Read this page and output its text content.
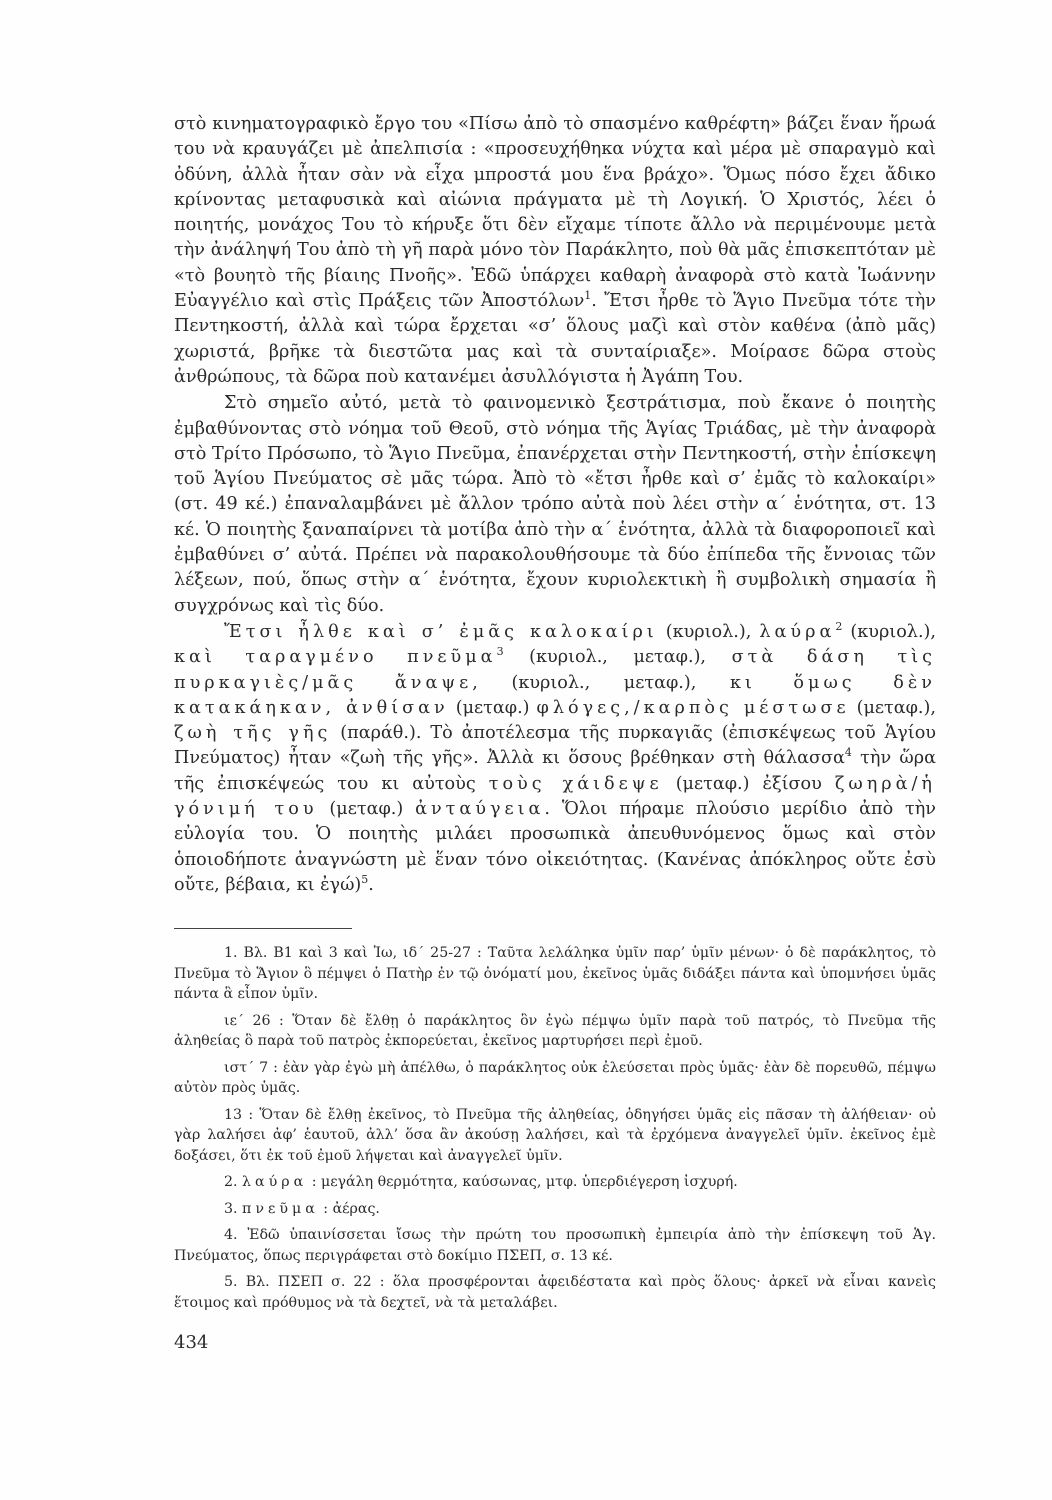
στὸ κινηματογραφικὸ ἔργο του «Πίσω ἀπὸ τὸ σπασμένο καθρέφτη» βάζει ἕναν ἥρωά του νὰ κραυγάζει μὲ ἀπελπισία : «προσευχήθηκα νύχτα καὶ μέρα μὲ σπαραγμὸ καὶ ὀδύνη, ἀλλὰ ἦταν σὰν νὰ εἶχα μπροστά μου ἕνα βράχο». Ὅμως πόσο ἔχει ἄδικο κρίνοντας μεταφυσικὰ καὶ αἰώνια πράγματα μὲ τὴ Λογική. Ὁ Χριστός, λέει ὁ ποιητής, μονάχος Του τὸ κήρυξε ὅτι δὲν εἴχαμε τίποτε ἄλλο νὰ περιμένουμε μετὰ τὴν ἀνάληψή Του ἀπὸ τὴ γῆ παρὰ μόνο τὸν Παράκλητο, ποὺ θὰ μᾶς ἐπισκεπτόταν μὲ «τὸ βουητὸ τῆς βίαιης Πνοῆς». Ἐδῶ ὑπάρχει καθαρὴ ἀναφορὰ στὸ κατὰ Ἰωάννην Εὐαγγέλιο καὶ στὶς Πράξεις τῶν Ἀποστόλων$^1$. Ἔτσι ἦρθε τὸ Ἅγιο Πνεῦμα τότε τὴν Πεντηκοστή, ἀλλὰ καὶ τώρα ἔρχεται «σ’ ὅλους μαζὶ καὶ στὸν καθένα (ἀπὸ μᾶς) χωριστά, βρῆκε τὰ διεστῶτα μας καὶ τὰ συνταίριαξε». Μοίρασε δῶρα στοὺς ἀνθρώπους, τὰ δῶρα ποὺ κατανέμει ἀσυλλόγιστα ἡ Ἀγάπη Του.

Στὸ σημεῖο αὐτό, μετὰ τὸ φαινομενικὸ ξεστράτισμα, ποὺ ἔκανε ὁ ποιητὴς ἐμβαθύνοντας στὸ νόημα τοῦ Θεοῦ, στὸ νόημα τῆς Ἁγίας Τριάδας, μὲ τὴν ἀναφορὰ στὸ Τρίτο Πρόσωπο, τὸ Ἅγιο Πνεῦμα, ἐπανέρχεται στὴν Πεντηκοστή, στὴν ἐπίσκεψη τοῦ Ἁγίου Πνεύματος σὲ μᾶς τώρα. Ἀπὸ τὸ «ἔτσι ἦρθε καὶ σ’ ἐμᾶς τὸ καλοκαίρι» (στ. 49 κέ.) ἐπαναλαμβάνει μὲ ἄλλον τρόπο αὐτὰ ποὺ λέει στὴν α΄ ἑνότητα, στ. 13 κέ. Ὁ ποιητὴς ξαναπαίρνει τὰ μοτίβα ἀπὸ τὴν α΄ ἑνότητα, ἀλλὰ τὰ διαφοροποιεῖ καὶ ἐμβαθύνει σ’ αὐτά. Πρέπει νὰ παρακολουθήσουμε τὰ δύο ἐπίπεδα τῆς ἔννοιας τῶν λέξεων, πού, ὅπως στὴν α΄ ἑνότητα, ἔχουν κυριολεκτικὴ ἢ συμβολικὴ σημασία ἢ συγχρόνως καὶ τὶς δύο.

Ἔτσι ἦλθε καὶ σ’ ἐμᾶς καλοκαίρι (κυριολ.), λαύρα$^2$ (κυριολ.), καὶ ταραγμένο πνεῦμα$^3$ (κυριολ., μεταφ.), στὰ δάση τὶς πυρκαγιὲς/μᾶς ἄναψε, (κυριολ., μεταφ.), κι ὅμως δὲν κατακάηκαν, ἀνθίσαν (μεταφ.) φλόγες,/καρπὸς μέστωσε (μεταφ.), ζωὴ τῆς γῆς (παράθ.). Τὸ ἀποτέλεσμα τῆς πυρκαγιᾶς (ἐπισκέψεως τοῦ Ἁγίου Πνεύματος) ἦταν «ζωὴ τῆς γῆς». Ἀλλὰ κι ὅσους βρέθηκαν στὴ θάλασσα$^4$ τὴν ὥρα τῆς ἐπισκέψεώς του κι αὐτοὺς τοὺς χάιδεψε (μεταφ.) ἐξίσου ζωηρὰ/ἡ γόνιμή του (μεταφ.) ἀνταύγεια. Ὅλοι πήραμε πλούσιο μερίδιο ἀπὸ τὴν εὐλογία του. Ὁ ποιητὴς μιλάει προσωπικὰ ἀπευθυνόμενος ὅμως καὶ στὸν ὁποιοδήποτε ἀναγνώστη μὲ ἕναν τόνο οἰκειότητας. (Κανένας ἀπόκληρος οὔτε ἐσὺ οὔτε, βέβαια, κι ἐγώ)$^5$.

1. Βλ. Β1 καὶ 3 καὶ Ἰω, ιδ΄ 25-27 : Ταῦτα λελάληκα ὑμῖν παρ’ ὑμῖν μένων· ὁ δὲ παράκλητος, τὸ Πνεῦμα τὸ Ἅγιον ὃ πέμψει ὁ Πατὴρ ἐν τῷ ὀνόματί μου, ἐκεῖνος ὑμᾶς διδάξει πάντα καὶ ὑπομνήσει ὑμᾶς πάντα ἃ εἶπον ὑμῖν.

ιε΄ 26 : Ὅταν δὲ ἔλθῃ ὁ παράκλητος ὃν ἐγὼ πέμψω ὑμῖν παρὰ τοῦ πατρός, τὸ Πνεῦμα τῆς ἀληθείας ὃ παρὰ τοῦ πατρὸς ἐκπορεύεται, ἐκεῖνος μαρτυρήσει περὶ ἐμοῦ.

ιστ΄ 7 : ἐὰν γὰρ ἐγὼ μὴ ἀπέλθω, ὁ παράκλητος οὐκ ἐλεύσεται πρὸς ὑμᾶς· ἐὰν δὲ πορευθῶ, πέμψω αὐτὸν πρὸς ὑμᾶς.

13 : Ὅταν δὲ ἔλθῃ ἐκεῖνος, τὸ Πνεῦμα τῆς ἀληθείας, ὁδηγήσει ὑμᾶς εἰς πᾶσαν τὴ ἀλήθειαν· οὐ γὰρ λαλήσει ἀφ’ ἑαυτοῦ, ἀλλ’ ὅσα ἂν ἀκούσῃ λαλήσει, καὶ τὰ ἐρχόμενα ἀναγγελεῖ ὑμῖν. ἐκεῖνος ἐμὲ δοξάσει, ὅτι ἐκ τοῦ ἐμοῦ λήψεται καὶ ἀναγγελεῖ ὑμῖν.

2. λαύρα : μεγάλη θερμότητα, καύσωνας, μτφ. ὑπερδιέγερση ἰσχυρή.

3. πνεῦμα : ἀέρας.

4. Ἐδῶ ὑπαινίσσεται ἴσως τὴν πρώτη του προσωπικὴ ἐμπειρία ἀπὸ τὴν ἐπίσκεψη τοῦ Ἁγ. Πνεύματος, ὅπως περιγράφεται στὸ δοκίμιο ΠΣΕΠ, σ. 13 κέ.

5. Βλ. ΠΣΕΠ σ. 22 : ὅλα προσφέρονται ἀφειδέστατα καὶ πρὸς ὅλους· ἀρκεῖ νὰ εἶναι κανεὶς ἕτοιμος καὶ πρόθυμος νὰ τὰ δεχτεῖ, νὰ τὰ μεταλάβει.

434
